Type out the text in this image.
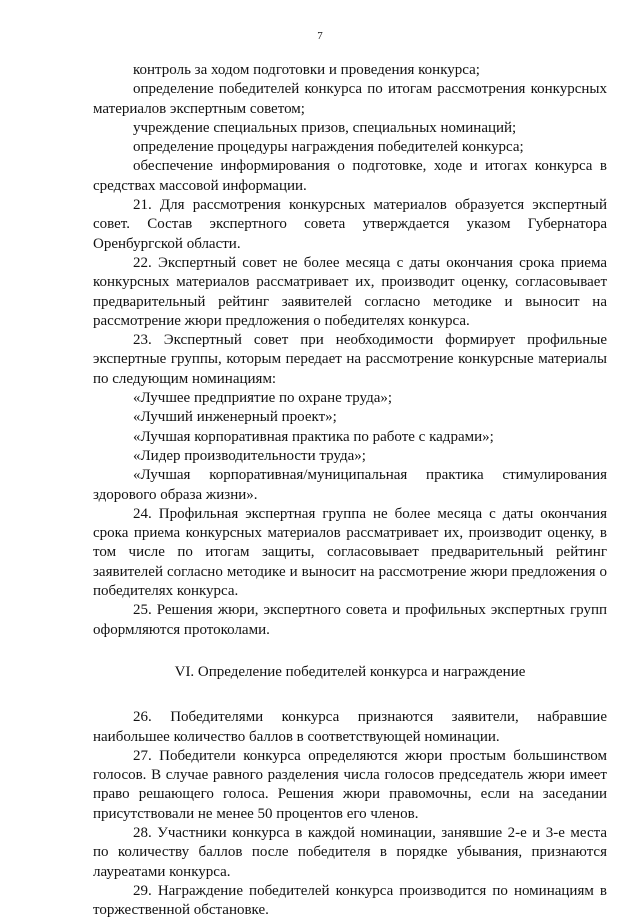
7

контроль за ходом подготовки и проведения конкурса;

определение победителей конкурса по итогам рассмотрения конкурсных материалов экспертным советом;

учреждение специальных призов, специальных номинаций;

определение процедуры награждения победителей конкурса;

обеспечение информирования о подготовке, ходе и итогах конкурса в средствах массовой информации.

21. Для рассмотрения конкурсных материалов образуется экспертный совет. Состав экспертного совета утверждается указом Губернатора Оренбургской области.

22. Экспертный совет не более месяца с даты окончания срока приема конкурсных материалов рассматривает их, производит оценку, согласовывает предварительный рейтинг заявителей согласно методике и выносит на рассмотрение жюри предложения о победителях конкурса.

23. Экспертный совет при необходимости формирует профильные экспертные группы, которым передает на рассмотрение конкурсные материалы по следующим номинациям:

«Лучшее предприятие по охране труда»;

«Лучший инженерный проект»;

«Лучшая корпоративная практика по работе с кадрами»;

«Лидер производительности труда»;

«Лучшая корпоративная/муниципальная практика стимулирования здорового образа жизни».

24. Профильная экспертная группа не более месяца с даты окончания срока приема конкурсных материалов рассматривает их, производит оценку, в том числе по итогам защиты, согласовывает предварительный рейтинг заявителей согласно методике и выносит на рассмотрение жюри предложения о победителях конкурса.

25. Решения жюри, экспертного совета и профильных экспертных групп оформляются протоколами.

VI. Определение победителей конкурса и награждение

26. Победителями конкурса признаются заявители, набравшие наибольшее количество баллов в соответствующей номинации.

27. Победители конкурса определяются жюри простым большинством голосов. В случае равного разделения числа голосов председатель жюри имеет право решающего голоса. Решения жюри правомочны, если на заседании присутствовали не менее 50 процентов его членов.

28. Участники конкурса в каждой номинации, занявшие 2-е и 3-е места по количеству баллов после победителя в порядке убывания, признаются лауреатами конкурса.

29. Награждение победителей конкурса производится по номинациям в торжественной обстановке.
